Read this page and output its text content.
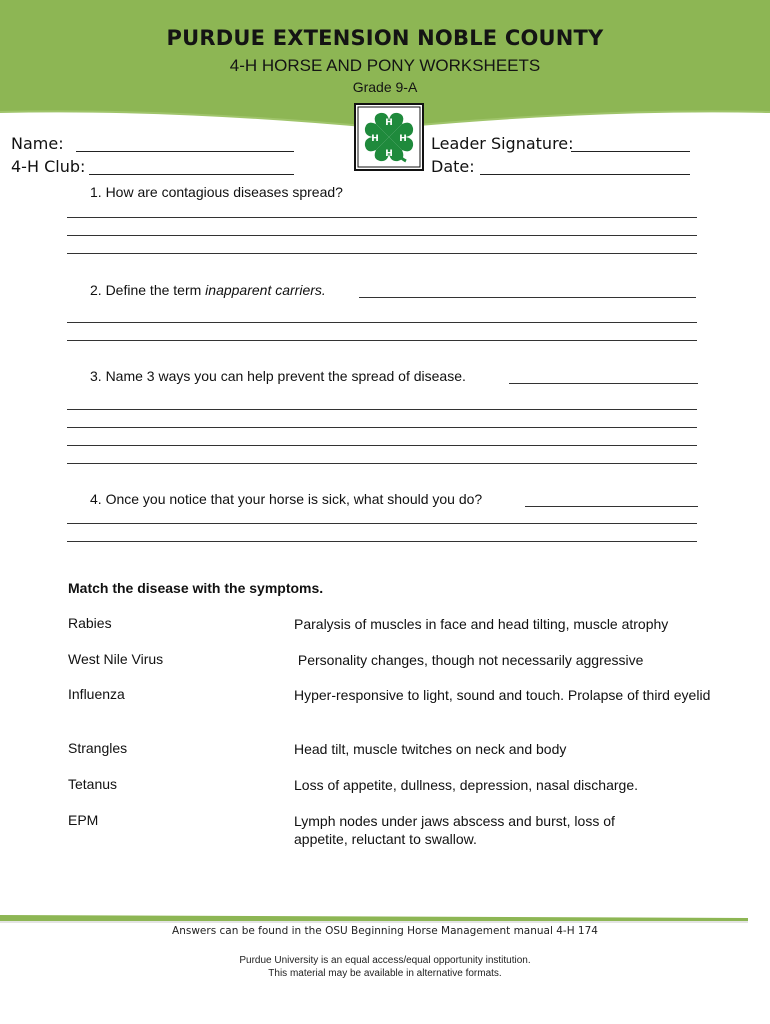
PURDUE EXTENSION NOBLE COUNTY
4-H HORSE AND PONY WORKSHEETS
Grade 9-A
H
H
H
H
Name:
4-H Club:
Leader Signature:
Date:
1. How are contagious diseases spread?
2. Define the term inapparent carriers.
3. Name 3 ways you can help prevent the spread of disease.
4. Once you notice that your horse is sick, what should you do?
Match the disease with the symptoms.
Rabies
West Nile Virus
Influenza
Strangles
Tetanus
EPM
Paralysis of muscles in face and head tilting, muscle atrophy
Personality changes, though not necessarily aggressive
Hyper-responsive to light, sound and touch. Prolapse of third eyelid
Head tilt, muscle twitches on neck and body
Loss of appetite, dullness, depression, nasal discharge.
Lymph nodes under jaws abscess and burst, loss of appetite, reluctant to swallow.
Answers can be found in the OSU Beginning Horse Management manual 4-H 174
Purdue University is an equal access/equal opportunity institution.
This material may be available in alternative formats.
